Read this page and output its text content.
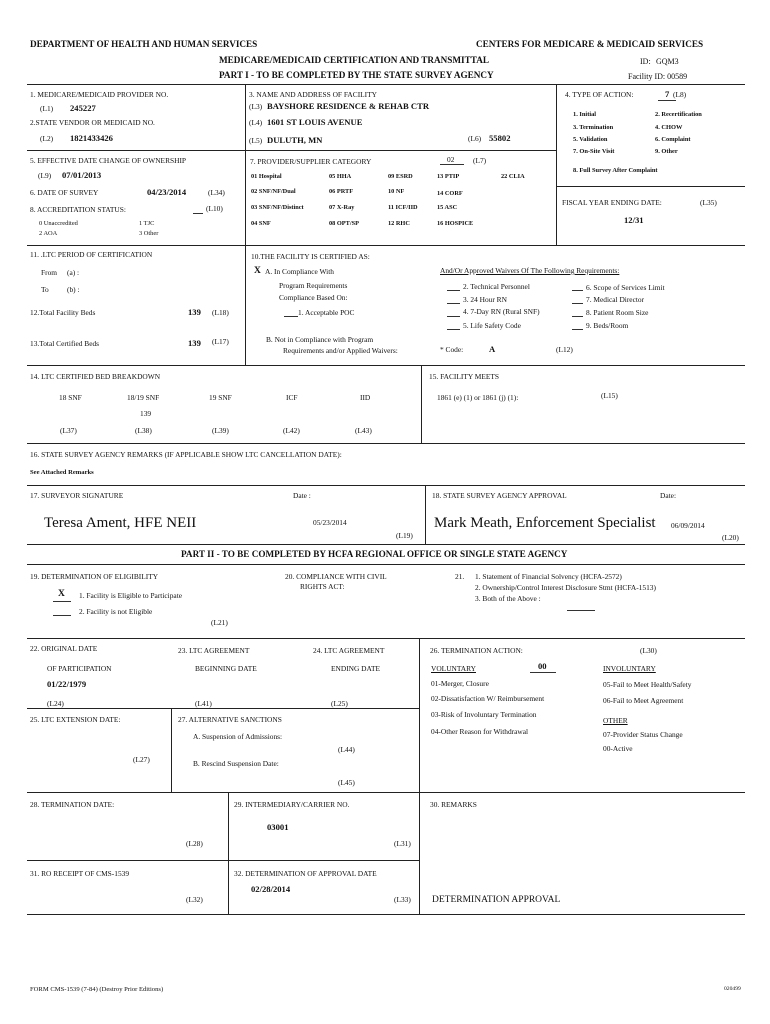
DEPARTMENT OF HEALTH AND HUMAN SERVICES	CENTERS FOR MEDICARE & MEDICAID SERVICES
MEDICARE/MEDICAID CERTIFICATION AND TRANSMITTAL	ID: GQM3
PART I - TO BE COMPLETED BY THE STATE SURVEY AGENCY	Facility ID: 00589
1. MEDICARE/MEDICAID PROVIDER NO.
(L1) 245227
2.STATE VENDOR OR MEDICAID NO.
(L2) 1821433426
3. NAME AND ADDRESS OF FACILITY
(L3) BAYSHORE RESIDENCE & REHAB CTR
(L4) 1601 ST LOUIS AVENUE
(L5) DULUTH, MN	(L6) 55802
4. TYPE OF ACTION:	7 (L8)
1. Initial	2. Recertification
3. Termination	4. CHOW
5. Validation	6. Complaint
7. On-Site Visit	9. Other
8. Full Survey After Complaint
5. EFFECTIVE DATE CHANGE OF OWNERSHIP
(L9) 07/01/2013
6. DATE OF SURVEY	04/23/2014	(L34)
8. ACCREDITATION STATUS:	(L10)
0 Unaccredited	1 TJC
2 AOA	3 Other
7. PROVIDER/SUPPLIER CATEGORY	02	(L7)
01 Hospital	05 HHA	09 ESRD	13 PTIP	22 CLIA
02 SNF/NF/Dual	06 PRTF	10 NF	14 CORF
03 SNF/NF/Distinct	07 X-Ray	11 ICF/IID	15 ASC
04 SNF	08 OPT/SP	12 RHC	16 HOSPICE
FISCAL YEAR ENDING DATE:	(L35)
12/31
11. .LTC PERIOD OF CERTIFICATION
From (a) :
To (b) :
12.Total Facility Beds	139 (L18)
13.Total Certified Beds	139 (L17)
10.THE FACILITY IS CERTIFIED AS:
X A. In Compliance With
Program Requirements
Compliance Based On:
1. Acceptable POC
B. Not in Compliance with Program
Requirements and/or Applied Waivers:
And/Or Approved Waivers Of The Following Requirements:
2. Technical Personnel
3. 24 Hour RN
4. 7-Day RN (Rural SNF)
5. Life Safety Code
6. Scope of Services Limit
7. Medical Director
8. Patient Room Size
9. Beds/Room
* Code:	A	(L12)
14. LTC CERTIFIED BED BREAKDOWN
18 SNF	18/19 SNF	19 SNF	ICF	IID
139
(L37)	(L38)	(L39)	(L42)	(L43)
15. FACILITY MEETS
1861 (e) (1) or 1861 (j) (1):	(L15)
16. STATE SURVEY AGENCY REMARKS (IF APPLICABLE SHOW LTC CANCELLATION DATE):
See Attached Remarks
17. SURVEYOR SIGNATURE	Date :
Teresa Ament, HFE NEII	05/23/2014
(L19)
18. STATE SURVEY AGENCY APPROVAL	Date:
Mark Meath, Enforcement Specialist 06/09/2014
(L20)
PART II - TO BE COMPLETED BY HCFA REGIONAL OFFICE OR SINGLE STATE AGENCY
19. DETERMINATION OF ELIGIBILITY
X 1. Facility is Eligible to Participate
2. Facility is not Eligible
(L21)
20. COMPLIANCE WITH CIVIL
RIGHTS ACT:
21. 1. Statement of Financial Solvency (HCFA-2572)
2. Ownership/Control Interest Disclosure Stmt (HCFA-1513)
3. Both of the Above :
22. ORIGINAL DATE
OF PARTICIPATION
01/22/1979
(L24)
23. LTC AGREEMENT
BEGINNING DATE
(L41)
24. LTC AGREEMENT
ENDING DATE
(L25)
25. LTC EXTENSION DATE:
(L27)
27. ALTERNATIVE SANCTIONS
A. Suspension of Admissions:
(L44)
B. Rescind Suspension Date:
(L45)
26. TERMINATION ACTION:	(L30)
VOLUNTARY	00	INVOLUNTARY
01-Merger, Closure
02-Dissatisfaction W/ Reimbursement
03-Risk of Involuntary Termination
04-Other Reason for Withdrawal
05-Fail to Meet Health/Safety
06-Fail to Meet Agreement
OTHER
07-Provider Status Change
00-Active
28. TERMINATION DATE:
(L28)
29. INTERMEDIARY/CARRIER NO.
03001
(L31)
30. REMARKS
31. RO RECEIPT OF CMS-1539
(L32)
32. DETERMINATION OF APPROVAL DATE
02/28/2014
(L33) DETERMINATION APPROVAL
FORM CMS-1539 (7-84) (Destroy Prior Editions)	020499
